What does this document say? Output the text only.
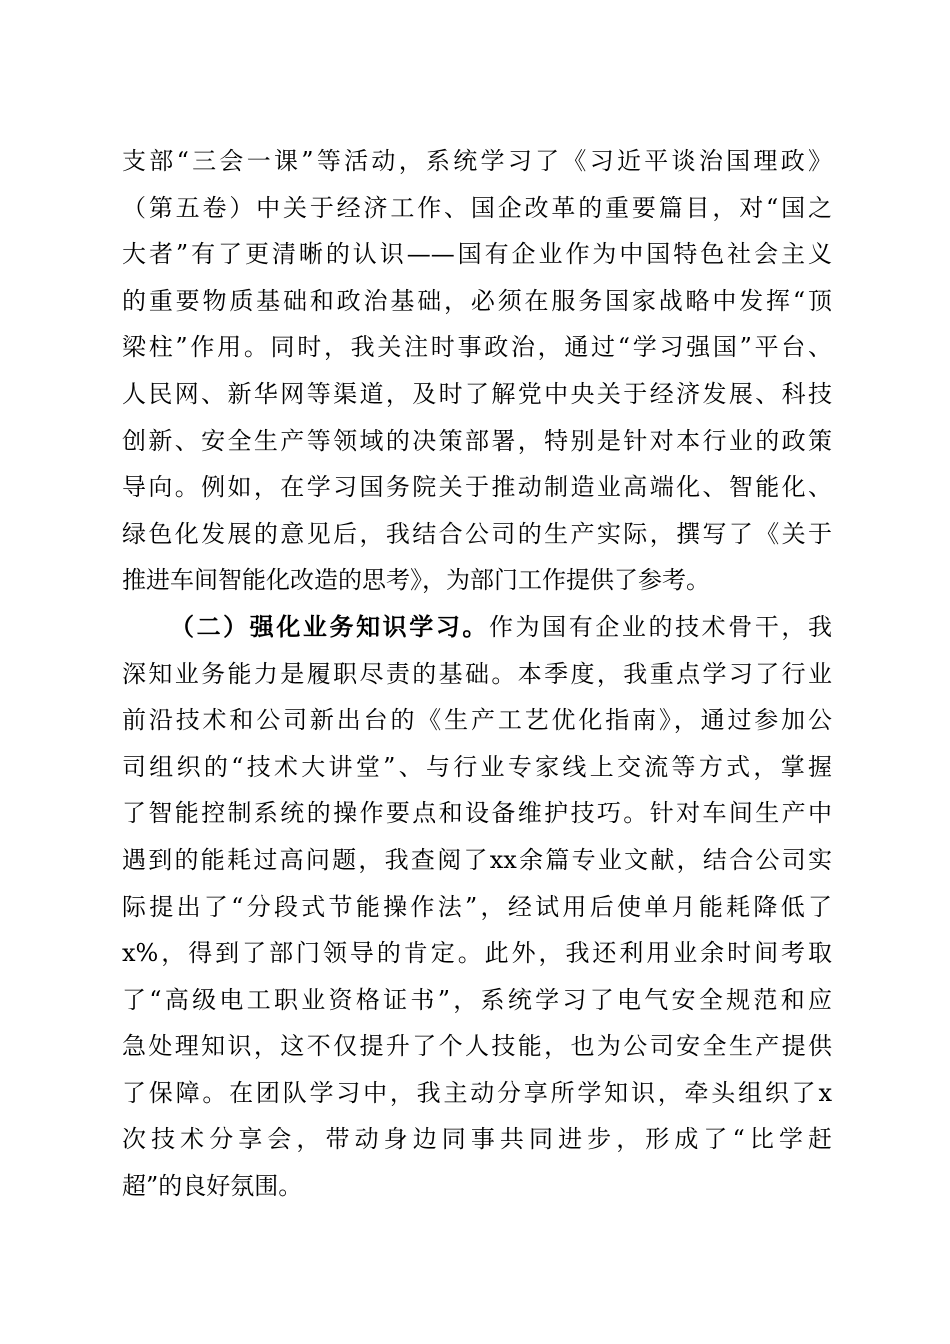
支部“三会一课”等活动，系统学习了《习近平谈治国理政》
（第五卷）中关于经济工作、国企改革的重要篇目，对“国之
大者”有了更清晰的认识——国有企业作为中国特色社会主义
的重要物质基础和政治基础，必须在服务国家战略中发挥“顶
梁柱”作用。同时，我关注时事政治，通过“学习强国”平台、
人民网、新华网等渠道，及时了解党中央关于经济发展、科技
创新、安全生产等领域的决策部署，特别是针对本行业的政策
导向。例如，在学习国务院关于推动制造业高端化、智能化、
绿色化发展的意见后，我结合公司的生产实际，撰写了《关于
推进车间智能化改造的思考》，为部门工作提供了参考。
（二）强化业务知识学习。作为国有企业的技术骨干，我
深知业务能力是履职尽责的基础。本季度，我重点学习了行业
前沿技术和公司新出台的《生产工艺优化指南》，通过参加公
司组织的“技术大讲堂”、与行业专家线上交流等方式，掌握
了智能控制系统的操作要点和设备维护技巧。针对车间生产中
遇到的能耗过高问题，我查阅了xx余篇专业文献，结合公司实
际提出了“分段式节能操作法”，经试用后使单月能耗降低了
x%，得到了部门领导的肯定。此外，我还利用业余时间考取
了“高级电工职业资格证书”，系统学习了电气安全规范和应
急处理知识，这不仅提升了个人技能，也为公司安全生产提供
了保障。在团队学习中，我主动分享所学知识，牵头组织了x
次技术分享会，带动身边同事共同进步，形成了“比学赶
超”的良好氛围。
